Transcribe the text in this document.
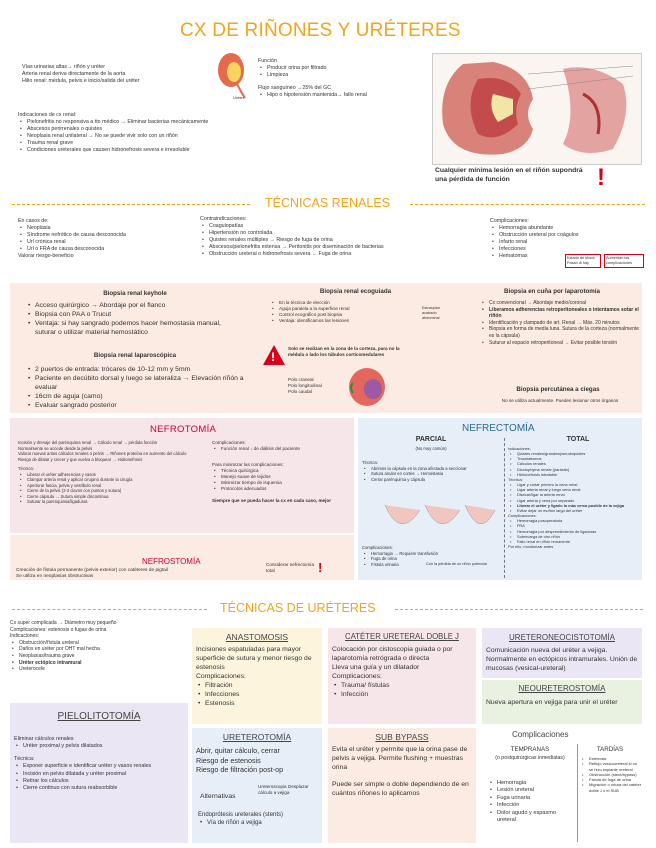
CX DE RIÑONES Y URÉTERES
Uréter
Vías urinarias altas→ riñón y uréter
Arteria renal deriva directamente de la aorta
Hilio renal: médula, pelvis e inicio/salida del uréter
Función
• Producir orina por filtrado
• Limpieza
Flujo sanguíneo →25% del GC
• Hipo o hipotensión mantenida→ fallo renal
Indicaciones de cx renal:
• Pielonefritis no responsiva a tto médico → Eliminar bacterias mecánicamente
• Abscesos perirrenales o quistes
• Neoplasia renal unilateral → No se puede vivir solo con un riñón
• Trauma renal grave
• Condiciones ureterales que causen hidronefrosis severa e irresoluble
Cualquier mínima lesión en el riñón supondrá una pérdida de función	!
TÉCNICAS RENALES
En casos de:
• Neoplasia
• Síndrome nefrótico de causa desconocida
• Url crónica renal
• Url o FRA de causa desconocida
Valorar riesgo-beneficio
Contraindicaciones:
• Coagulopatías
• Hipertensión no controlada
• Quistes renales múltiples → Riesgo de fuga de orina
• Abscesos/pielonefritis extensa → Peritonitis por diseminación de bacterias
• Obstrucción ureteral o hidronefrosis severa → Fuga de orina
Complicaciones:
• Hemorragia abundante
• Obstrucción ureteral por coágulos
• Infarto renal
• Infecciones
• Hematomas	Estado de shock
Pasan dl hay
Aumentan las complicaciones
Biopsia renal keyhole
• Acceso quirúrgico → Abordaje por el flanco
• Biopsia con PAA o Trucut
• Ventaja: si hay sangrado podemos hacer hemostasia manual, suturar o utilizar material hemostático
Biopsia renal laparoscópica
• 2 puertos de entrada: trócares de 10-12 mm y 5mm
• Paciente en decúbito dorsal y luego se lateraliza → Elevación riñón a evaluar
• 16cm de aguja (camo)
• Evaluar sangrado posterior
Biopsia renal ecoguiada
• En la técnica de elección
• Aguja paralela a la superficie renal
• Control ecográfico post biopsia
• Ventaja: identificamos las lesiones
!
Solo se realizan en la zona de la corteza, para no la médula o lado los túbulos corticomedulares
Polo craneal
Polo longitudinal
Polo caudal
Biopsia en cuña por laparotomía
Estrasplan acabado abdominal
• Cx convencional → Abordaje medio/coronal
• Liberamos adherencias retroperitoneales o intentamos sotar el riñón
• Identificación y clampado de art. Renal → Máx. 20 minutos
• Biopsia en forma de media luna. Sutura de la corteza (normalmente es la cápsula)
• Suturar al espacio retroperitoneal → Evitar posible torsión
Biopsia percutánea a ciegas
No se utiliza actualmente. Pueden lesionar otros órganos
NEFROTOMÍA
Incisión y drenaje del parénquima renal → Cálculo renal → pérdida función
Normalmente se accede desde la pelvis
Valorar nuevas antes cálculos renales o pelvis → Riñones proteína en aumento del cálculo
Riesgo de dilatar y crecer y que vuelva a bloquear → Hidronefrosis
Técnica:
• Liberar el uréter adherencias y vasos
• Clampar arteria renal y aplicar cirujano durante la cirugía
• Aperturar fascia, pelvis y vestíbulo renal
• Cierre de la pelvis (2-3 clavos con puntos y sutura)
• Cierre cápsula → Sutura simple discontinua
• Suturar la parenquimia/ligaduras
Complicaciones:
• Función renal ↓ de diálisis del paciente
Para minimizar las complicaciones:
• Técnica quirúrgica
• Manejo suave de tejidos
• Minimizar tiempo de isquemia
• Protocolos adecuados
Siempre que se pueda hacer la cx en cada caso, mejor
NEFROSTOMÍA
Creación de fístula permanente (pelvis-exterior) con catéteres de pigtail
Se utiliza en neoplasias obstructivas
Considerar nefrectomía total	!
NEFRECTOMÍA
PARCIAL
(No muy común)
Técnica:
• Abrimos la cápsula en la zona afectada a seccionar
• Sutura anular en cortes → Hemostasia
• Cerrar parénquima y cápsula
Complicaciones:
• Hemorragia → Requiere transfusión
• Fuga de orina
• Fístula urinaria	Con la pérdida de un riñón potencial
TOTAL
Indicaciones:
• Quistes renales/grandes/pseudoquistes
• Traumatismos
• Cálculos renales
• Dioctophyma renale (parásito)
• Hidronefrosis intratable
Técnica:
• Ligar y cortar primero la vena renal
• Ligar arteria renal y luego vena renal
• Disecar/ligar la arteria renal
• Ligar arteria y vena por separado
• Liberar el uréter y ligarlo lo más cerca posible de la vejiga
• Evitar dejar un muñón largo del uréter
Complicaciones:
• Hemorragia posoperatoria
• FRA
• Hemorragia por desprendimiento de ligaduras
• Sobrecarga de otro riñón
• Fallo renal en riñón remanente
Por ello, monitorizar antes
TÉCNICAS DE URÉTERES
Cx super complicada → Diámetro muy pequeño
Complicaciones: estenosis o fugas de orina
Indicaciones:
• Obstrucción/fístula ureteral
• Daños en uréter por OHT mal hecha
• Neoplasias/trauma grave
• Uréter ectópico intramural
• Ureterocele
PIELOLITOTOMÍA
Eliminar cálculos renales
• Uréter proximal y pelvis dilatados
Técnica:
• Exponer superficie e identificar uréter y vasos renales
• Incisión en pelvis dilatada y uréter proximal
• Retirar los cálculos
• Cierre continuo con sutura reabsorbible
ANASTOMOSIS
Incisiones espatuladas para mayor superficie de sutura y menor riesgo de estenosis
Complicaciones:
• Filtración
• Infecciones
• Estenosis
CATÉTER URETERAL DOBLE J
Colocación por cistoscopia guiada o por laparotomía retrógrada o directa
Lleva una guía y un dilatador
Complicaciones:
• Trauma/ fístulas
• Infección
URETERONEOCISTOTOMÍA
Comunicación nueva del uréter a vejiga. Normalmente en ectópicos intramurales. Unión de mucosas (vesical-ureteral)
NEOURETEROSTOMÍA
Nueva apertura en vejiga para unir el uréter
URETEROTOMÍA
Abrir, quitar cálculo, cerrar
Riesgo de estenosis
Riesgo de filtración post-op
Alternativas
Ureteroscopia Desplazar cálculo a vejiga
Endoprótesis ureterales (stents)
• Vía de riñón a vejiga
SUB BYPASS
Evita el uréter y permite que la orina pase de pelvis a vejiga. Permite flushing + muestras orina
Puede ser simple o doble dependiendo de en cuántos riñones lo aplicamos
Complicaciones
TEMPRANAS
(o postquirúrgicas inmediatas)
• Hemorragia
• Lesión ureteral
• Fuga urinaria
• Infección
• Dolor agudo y espasmo ureteral
TARDÍAS
• Estenosis
• Reflujo vesicoureteral si no se hizo implante ureteral
• Obstrucción (stent/bypass)
• Fístula de fuga de orina
• Migración o rotura del catéter doble J o el SUB
